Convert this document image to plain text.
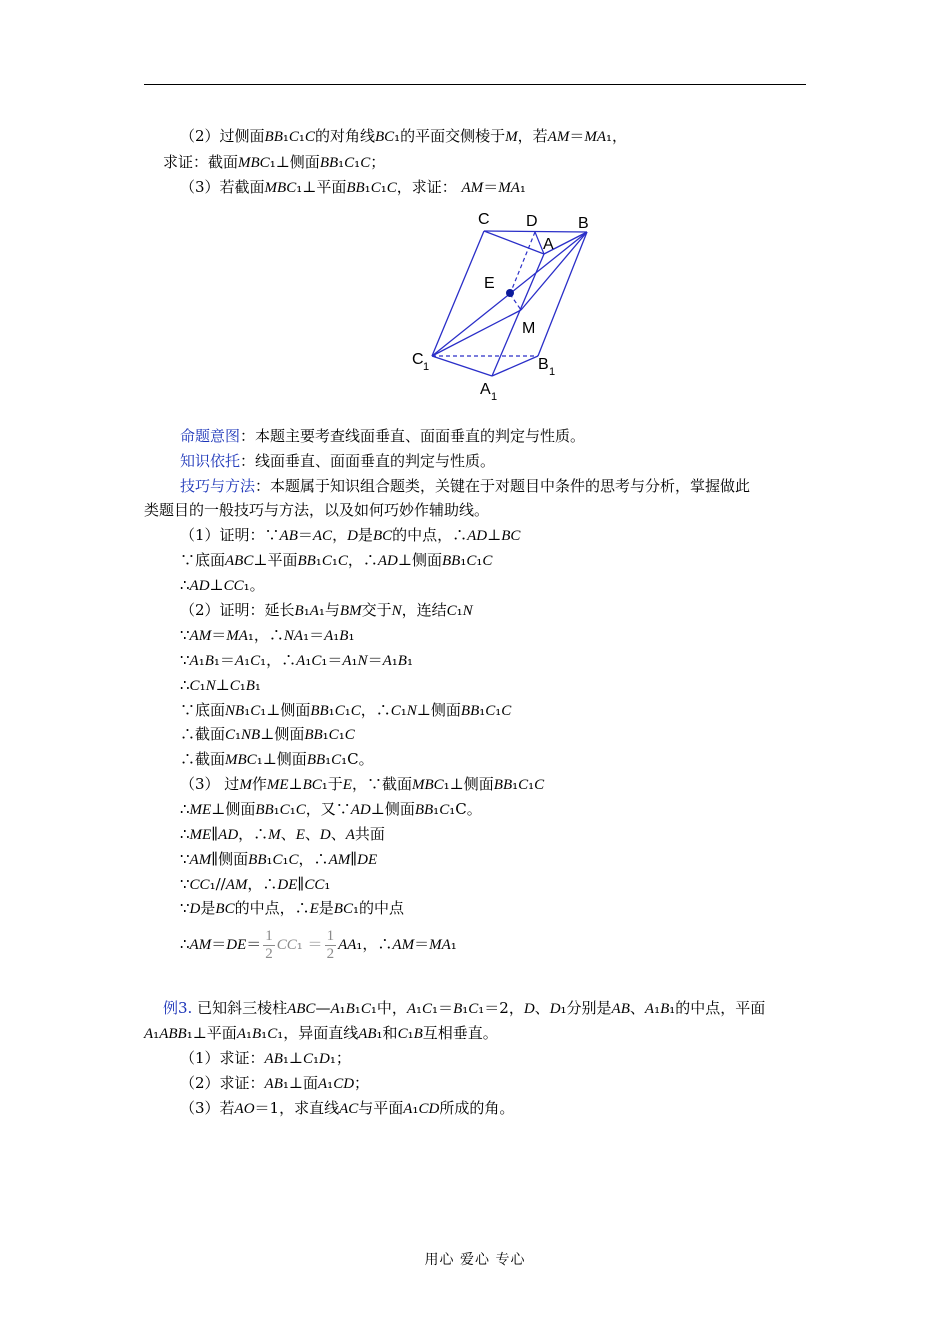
（2）过侧面BB₁C₁C的对角线BC₁的平面交侧棱于M，若AM＝MA₁，
求证：截面MBC₁⊥侧面BB₁C₁C；
（3）若截面MBC₁⊥平面BB₁C₁C，求证： AM＝MA₁
C D	B
A
E
M
C 1	B 1
A 1
命题意图：本题主要考查线面垂直、面面垂直的判定与性质。
知识依托：线面垂直、面面垂直的判定与性质。
技巧与方法：本题属于知识组合题类，关键在于对题目中条件的思考与分析，掌握做此
类题目的一般技巧与方法，以及如何巧妙作辅助线。
（1）证明：∵AB＝AC，D是BC的中点，∴AD⊥BC
∵底面ABC⊥平面BB₁C₁C，∴AD⊥侧面BB₁C₁C
∴AD⊥CC₁。
（2）证明：延长B₁A₁与BM交于N，连结C₁N
∵AM＝MA₁，∴NA₁＝A₁B₁
∵A₁B₁＝A₁C₁，∴A₁C₁＝A₁N＝A₁B₁
∴C₁N⊥C₁B₁
∵底面NB₁C₁⊥侧面BB₁C₁C，∴C₁N⊥侧面BB₁C₁C
∴截面C₁NB⊥侧面BB₁C₁C
∴截面MBC₁⊥侧面BB₁C₁C。
（3） 过M作ME⊥BC₁于E，∵截面MBC₁⊥侧面BB₁C₁C
∴ME⊥侧面BB₁C₁C，又∵AD⊥侧面BB₁C₁C。
∴ME∥AD，∴M、E、D、A共面
∵AM∥侧面BB₁C₁C，∴AM∥DE
∵CC₁//AM，∴DE∥CC₁
∵D是BC的中点，∴E是BC₁的中点
∴AM＝DE＝ $\frac{1}{2} CC_1 = \frac{1}{2} AA_1$，∴AM＝MA₁
例3. 已知斜三棱柱ABC—A₁B₁C₁中，A₁C₁＝B₁C₁＝2，D、D₁分别是AB、A₁B₁的中点，平面
A₁ABB₁⊥平面A₁B₁C₁，异面直线AB₁和C₁B互相垂直。
（1）求证：AB₁⊥C₁D₁；
（2）求证：AB₁⊥面A₁CD；
（3）若AO＝1，求直线AC与平面A₁CD所成的角。
用心 爱心 专心
